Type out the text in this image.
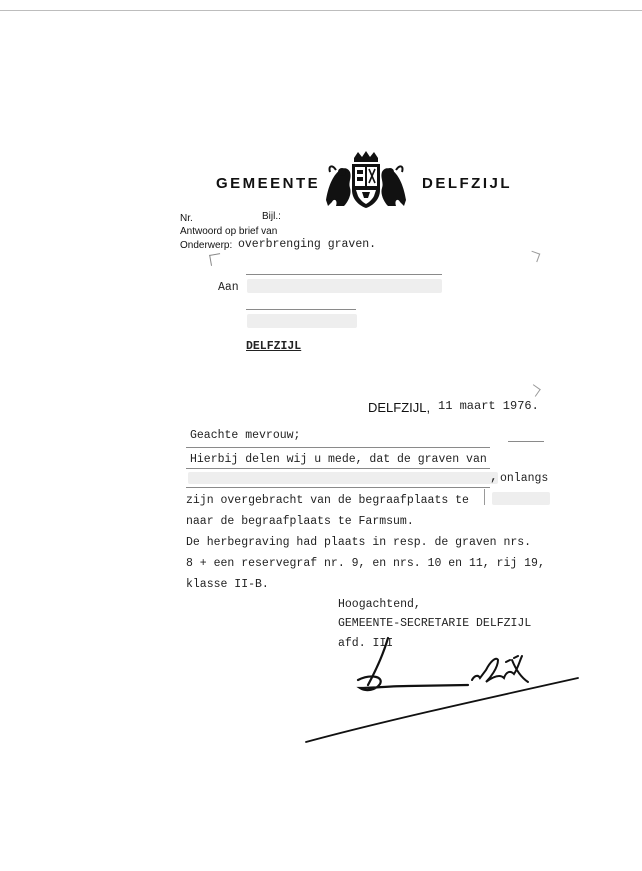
GEMEENTE	DELFZIJL
Nr.	Bijl.:
Antwoord op brief van
Onderwerp: overbrenging graven.
Aan
DELFZIJL
DELFZIJL, 11 maart 1976.
Geachte mevrouw;
Hierbij delen wij u mede, dat de graven van
, onlangs
zijn overgebracht van de begraafplaats te
naar de begraafplaats te Farmsum.
De herbegraving had plaats in resp. de graven nrs.
8 + een reservegraf nr. 9, en nrs. 10 en 11, rij 19,
klasse II-B.
Hoogachtend,
GEMEENTE-SECRETARIE DELFZIJL
afd. III
